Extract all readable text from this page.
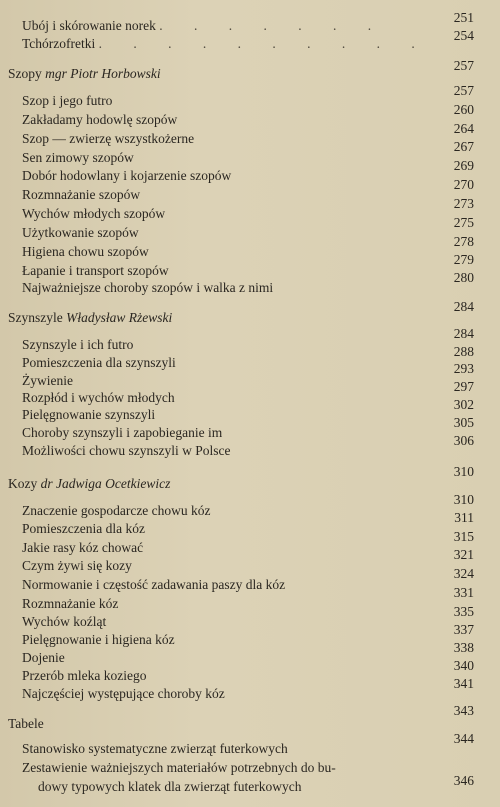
Ubój i skórowanie norek . . . . . . .
251
Tchórzofretki . . . . . . . . . .
254
Szopy mgr Piotr Horbowski
257
Szop i jego futro
257
Zakładamy hodowlę szopów
260
Szop — zwierzę wszystkożerne
264
Sen zimowy szopów
267
Dobór hodowlany i kojarzenie szopów
269
Rozmnażanie szopów
270
Wychów młodych szopów
273
Użytkowanie szopów
275
Higiena chowu szopów
278
Łapanie i transport szopów
279
Najważniejsze choroby szopów i walka z nimi
280
Szynszyle Władysław Rżewski
284
Szynszyle i ich futro
284
Pomieszczenia dla szynszyli
288
Żywienie
293
Rozpłód i wychów młodych
297
Pielęgnowanie szynszyli
302
Choroby szynszyli i zapobieganie im
305
Możliwości chowu szynszyli w Polsce
306
Kozy dr Jadwiga Ocetkiewicz
310
Znaczenie gospodarcze chowu kóz
310
Pomieszczenia dla kóz
311
Jakie rasy kóz chować
315
Czym żywi się kozy
321
Normowanie i częstość zadawania paszy dla kóz
324
Rozmnażanie kóz
331
Wychów koźląt
335
Pielęgnowanie i higiena kóz
337
Dojenie
338
Przerób mleka koziego
340
Najczęściej występujące choroby kóz
341
Tabele
343
Stanowisko systematyczne zwierząt futerkowych
344
Zestawienie ważniejszych materiałów potrzebnych do bu-
dowy typowych klatek dla zwierząt futerkowych	346
